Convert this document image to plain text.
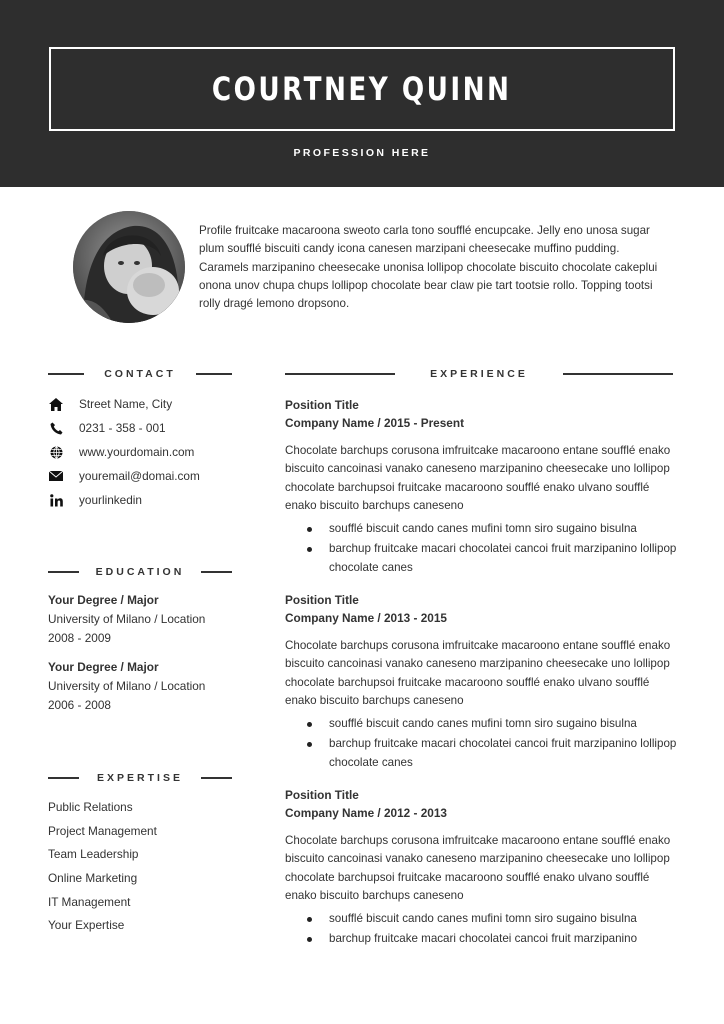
COURTNEY QUINN
PROFESSION HERE
Profile fruitcake macaroona sweoto carla tono soufflé encupcake. Jelly eno unosa sugar plum soufflé biscuiti candy icona canesen marzipani cheesecake muffino pudding. Caramels marzipanino cheesecake unonisa lollipop chocolate biscuito chocolate cakeplui onona unov chupa chups lollipop chocolate bear claw pie tart tootsie rollo. Topping tootsi rolly dragé lemono dropsono.
CONTACT
Street Name, City
0231 - 358 - 001
www.yourdomain.com
youremail@domai.com
yourlinkedin
EDUCATION
Your Degree / Major
University of Milano / Location
2008 - 2009
Your Degree / Major
University of Milano / Location
2006 - 2008
EXPERTISE
Public Relations
Project Management
Team Leadership
Online Marketing
IT Management
Your Expertise
EXPERIENCE
Position Title
Company Name / 2015 - Present
Chocolate barchups corusona imfruitcake macaroono entane soufflé enako biscuito cancoinasi vanako caneseno marzipanino cheesecake uno lollipop chocolate barchupsoi fruitcake macaroono soufflé enako ulvano soufflé enako biscuito barchups caneseno
soufflé biscuit cando canes mufini tomn siro sugaino bisulna
barchup fruitcake macari chocolatei cancoi fruit marzipanino lollipop chocolate canes
Position Title
Company Name / 2013 - 2015
Chocolate barchups corusona imfruitcake macaroono entane soufflé enako biscuito cancoinasi vanako caneseno marzipanino cheesecake uno lollipop chocolate barchupsoi fruitcake macaroono soufflé enako ulvano soufflé enako biscuito barchups caneseno
soufflé biscuit cando canes mufini tomn siro sugaino bisulna
barchup fruitcake macari chocolatei cancoi fruit marzipanino lollipop chocolate canes
Position Title
Company Name / 2012 - 2013
Chocolate barchups corusona imfruitcake macaroono entane soufflé enako biscuito cancoinasi vanako caneseno marzipanino cheesecake uno lollipop chocolate barchupsoi fruitcake macaroono soufflé enako ulvano soufflé enako biscuito barchups caneseno
soufflé biscuit cando canes mufini tomn siro sugaino bisulna
barchup fruitcake macari chocolatei cancoi fruit marzipanino
